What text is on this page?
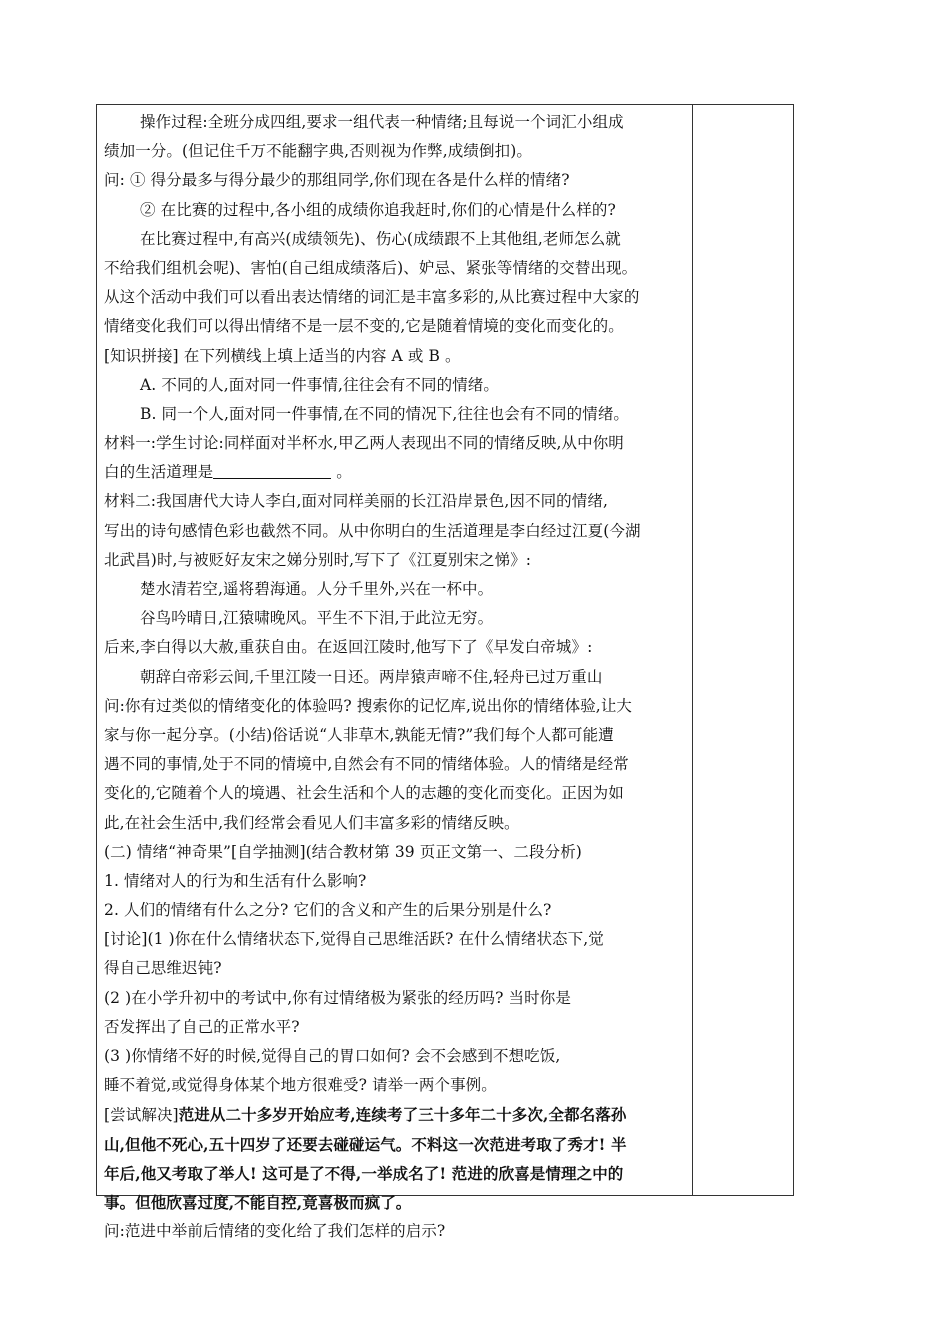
操作过程:全班分成四组,要求一组代表一种情绪;且每说一个词汇小组成
绩加一分。(但记住千万不能翻字典,否则视为作弊,成绩倒扣)。
问: ① 得分最多与得分最少的那组同学,你们现在各是什么样的情绪?
② 在比赛的过程中,各小组的成绩你追我赶时,你们的心情是什么样的?
在比赛过程中,有高兴(成绩领先)、伤心(成绩跟不上其他组,老师怎么就
不给我们组机会呢)、害怕(自己组成绩落后)、妒忌、紧张等情绪的交替出现。
从这个活动中我们可以看出表达情绪的词汇是丰富多彩的,从比赛过程中大家的
情绪变化我们可以得出情绪不是一层不变的,它是随着情境的变化而变化的。
[知识拼接] 在下列横线上填上适当的内容 A 或 B 。
A. 不同的人,面对同一件事情,往往会有不同的情绪。
B. 同一个人,面对同一件事情,在不同的情况下,往往也会有不同的情绪。
材料一:学生讨论:同样面对半杯水,甲乙两人表现出不同的情绪反映,从中你明
白的生活道理是	。
材料二:我国唐代大诗人李白,面对同样美丽的长江沿岸景色,因不同的情绪,
写出的诗句感情色彩也截然不同。从中你明白的生活道理是李白经过江夏(今湖
北武昌)时,与被贬好友宋之娣分别时,写下了《江夏别宋之悌》:
楚水清若空,遥将碧海通。人分千里外,兴在一杯中。
谷鸟吟晴日,江猿啸晚风。平生不下泪,于此泣无穷。
后来,李白得以大赦,重获自由。在返回江陵时,他写下了《早发白帝城》:
朝辞白帝彩云间,千里江陵一日还。两岸猿声啼不住,轻舟已过万重山
问:你有过类似的情绪变化的体验吗? 搜索你的记忆库,说出你的情绪体验,让大
家与你一起分享。(小结)俗话说“人非草木,孰能无情?”我们每个人都可能遭
遇不同的事情,处于不同的情境中,自然会有不同的情绪体验。人的情绪是经常
变化的,它随着个人的境遇、社会生活和个人的志趣的变化而变化。正因为如
此,在社会生活中,我们经常会看见人们丰富多彩的情绪反映。
(二) 情绪“神奇果”[自学抽测](结合教材第 39 页正文第一、二段分析)
1. 情绪对人的行为和生活有什么影响?
2. 人们的情绪有什么之分? 它们的含义和产生的后果分别是什么?
[讨论](1 )你在什么情绪状态下,觉得自己思维活跃? 在什么情绪状态下,觉
得自己思维迟钝?
(2 )在小学升初中的考试中,你有过情绪极为紧张的经历吗? 当时你是
否发挥出了自己的正常水平?
(3 )你情绪不好的时候,觉得自己的胃口如何? 会不会感到不想吃饭,
睡不着觉,或觉得身体某个地方很难受? 请举一两个事例。
[尝试解决]范进从二十多岁开始应考,连续考了三十多年二十多次,全都名落孙
山,但他不死心,五十四岁了还要去碰碰运气。不料这一次范进考取了秀才! 半
年后,他又考取了举人! 这可是了不得,一举成名了! 范进的欣喜是情理之中的
事。但他欣喜过度,不能自控,竟喜极而疯了。
问:范进中举前后情绪的变化给了我们怎样的启示?
